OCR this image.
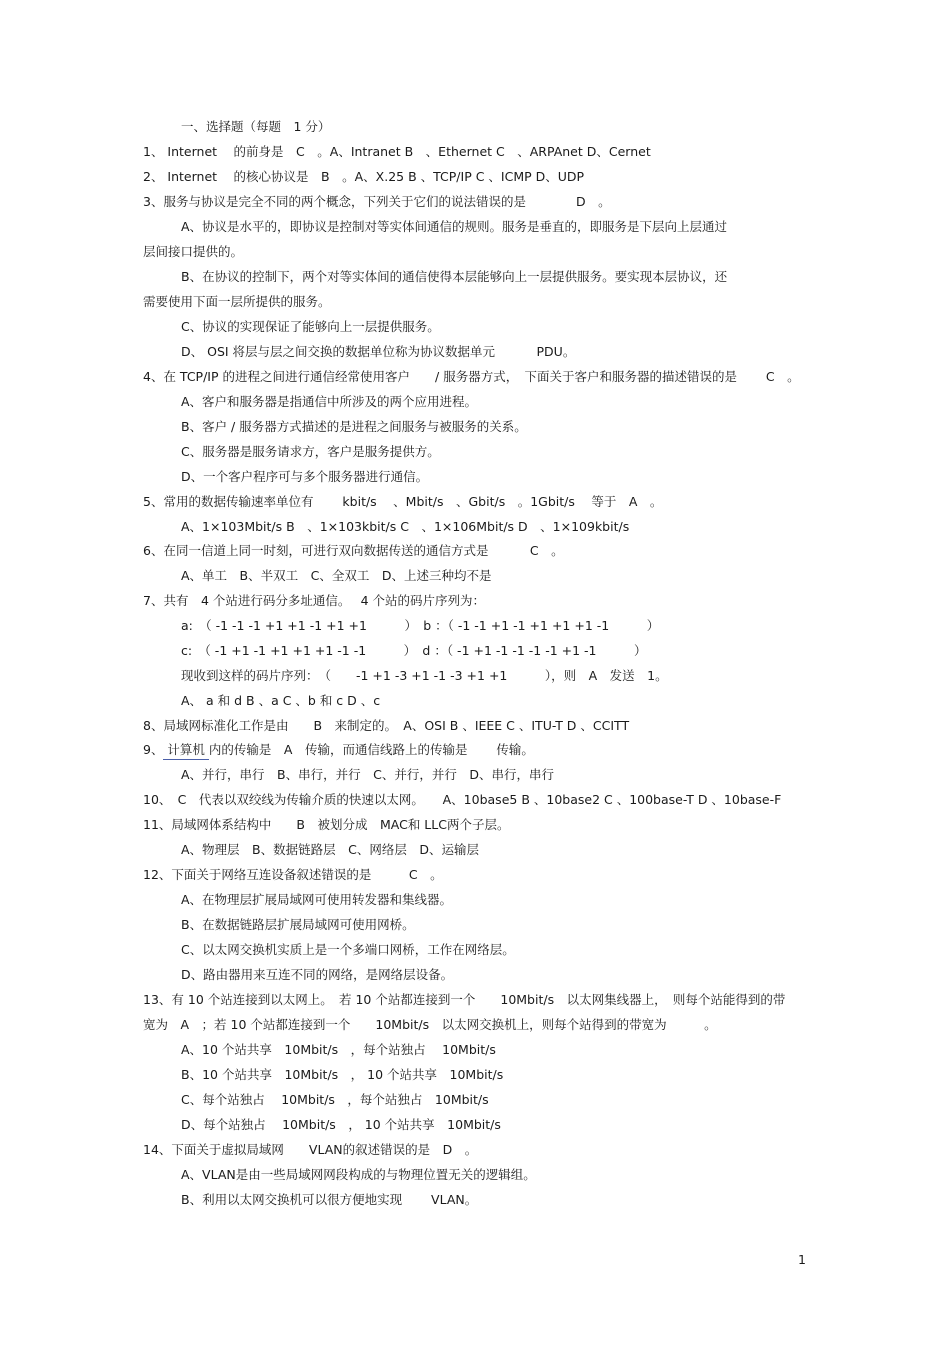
一、选择题（每题　1 分）
1、 Internet　 的前身是　C　。A、Intranet B　、Ethernet C　、ARPAnet D、Cernet
2、 Internet　 的核心协议是　B　。A、X.25 B 、TCP/IP C 、ICMP D、UDP
3、服务与协议是完全不同的两个概念，下列关于它们的说法错误的是　　　　D　。
A、协议是水平的，即协议是控制对等实体间通信的规则。服务是垂直的，即服务是下层向上层通过
层间接口提供的。
B、在协议的控制下，两个对等实体间的通信使得本层能够向上一层提供服务。要实现本层协议，还
需要使用下面一层所提供的服务。
C、协议的实现保证了能够向上一层提供服务。
D、 OSI 将层与层之间交换的数据单位称为协议数据单元　　　 PDU。
4、在 TCP/IP 的进程之间进行通信经常使用客户　　/ 服务器方式，　下面关于客户和服务器的描述错误的是　　 C　。
A、客户和服务器是指通信中所涉及的两个应用进程。
B、客户 / 服务器方式描述的是进程之间服务与被服务的关系。
C、服务器是服务请求方，客户是服务提供方。
D、一个客户程序可与多个服务器进行通信。
5、常用的数据传输速率单位有　　 kbit/s　 、Mbit/s　、Gbit/s　。1Gbit/s　 等于　A　。
A、1×103Mbit/s B　、1×103kbit/s C　、1×106Mbit/s D　、1×109kbit/s
6、在同一信道上同一时刻，可进行双向数据传送的通信方式是　　　 C　。
A、单工　B、半双工　C、全双工　D、上述三种均不是
7、共有　4 个站进行码分多址通信。　 4 个站的码片序列为：
a:　（ -1 -1 -1 +1 +1 -1 +1 +1　　　）　b ：（ -1 -1 +1 -1 +1 +1 +1 -1　　　）
c:　（ -1 +1 -1 +1 +1 +1 -1 -1　　　）　d ：（ -1 +1 -1 -1 -1 -1 +1 -1　　　）
现收到这样的码片序列：　（　　-1 +1 -3 +1 -1 -3 +1 +1　　　），则　A　发送　1。
A、 a 和 d B 、a C 、b 和 c D 、c
8、局域网标准化工作是由　　B　来制定的。　A、OSI B 、IEEE C 、ITU-T D 、CCITT
9、 计算机 内的传输是　A　传输，而通信线路上的传输是　　 传输。
A、并行，串行　B、串行，并行　C、并行，并行　D、串行，串行
10、　C　代表以双绞线为传输介质的快速以太网。　　A、10base5 B 、10base2 C 、100base-T D 、10base-F
11、局域网体系结构中　　B　被划分成　MAC和 LLC两个子层。
A、物理层　B、数据链路层　C、网络层　D、运输层
12、下面关于网络互连设备叙述错误的是　　　C　。
A、在物理层扩展局域网可使用转发器和集线器。
B、在数据链路层扩展局域网可使用网桥。
C、以太网交换机实质上是一个多端口网桥，工作在网络层。
D、路由器用来互连不同的网络，是网络层设备。
13、有 10 个站连接到以太网上。　若 10 个站都连接到一个　　10Mbit/s　以太网集线器上，　则每个站能得到的带
宽为　A　；若 10 个站都连接到一个　　10Mbit/s　以太网交换机上，则每个站得到的带宽为　　　。
A、10 个站共享　10Mbit/s　，每个站独占　 10Mbit/s
B、10 个站共享　10Mbit/s　， 10 个站共享　10Mbit/s
C、每个站独占　 10Mbit/s　，每个站独占　10Mbit/s
D、每个站独占　 10Mbit/s　， 10 个站共享　10Mbit/s
14、下面关于虚拟局域网　　VLAN的叙述错误的是　D　。
A、VLAN是由一些局域网网段构成的与物理位置无关的逻辑组。
B、利用以太网交换机可以很方便地实现　　 VLAN。
1
